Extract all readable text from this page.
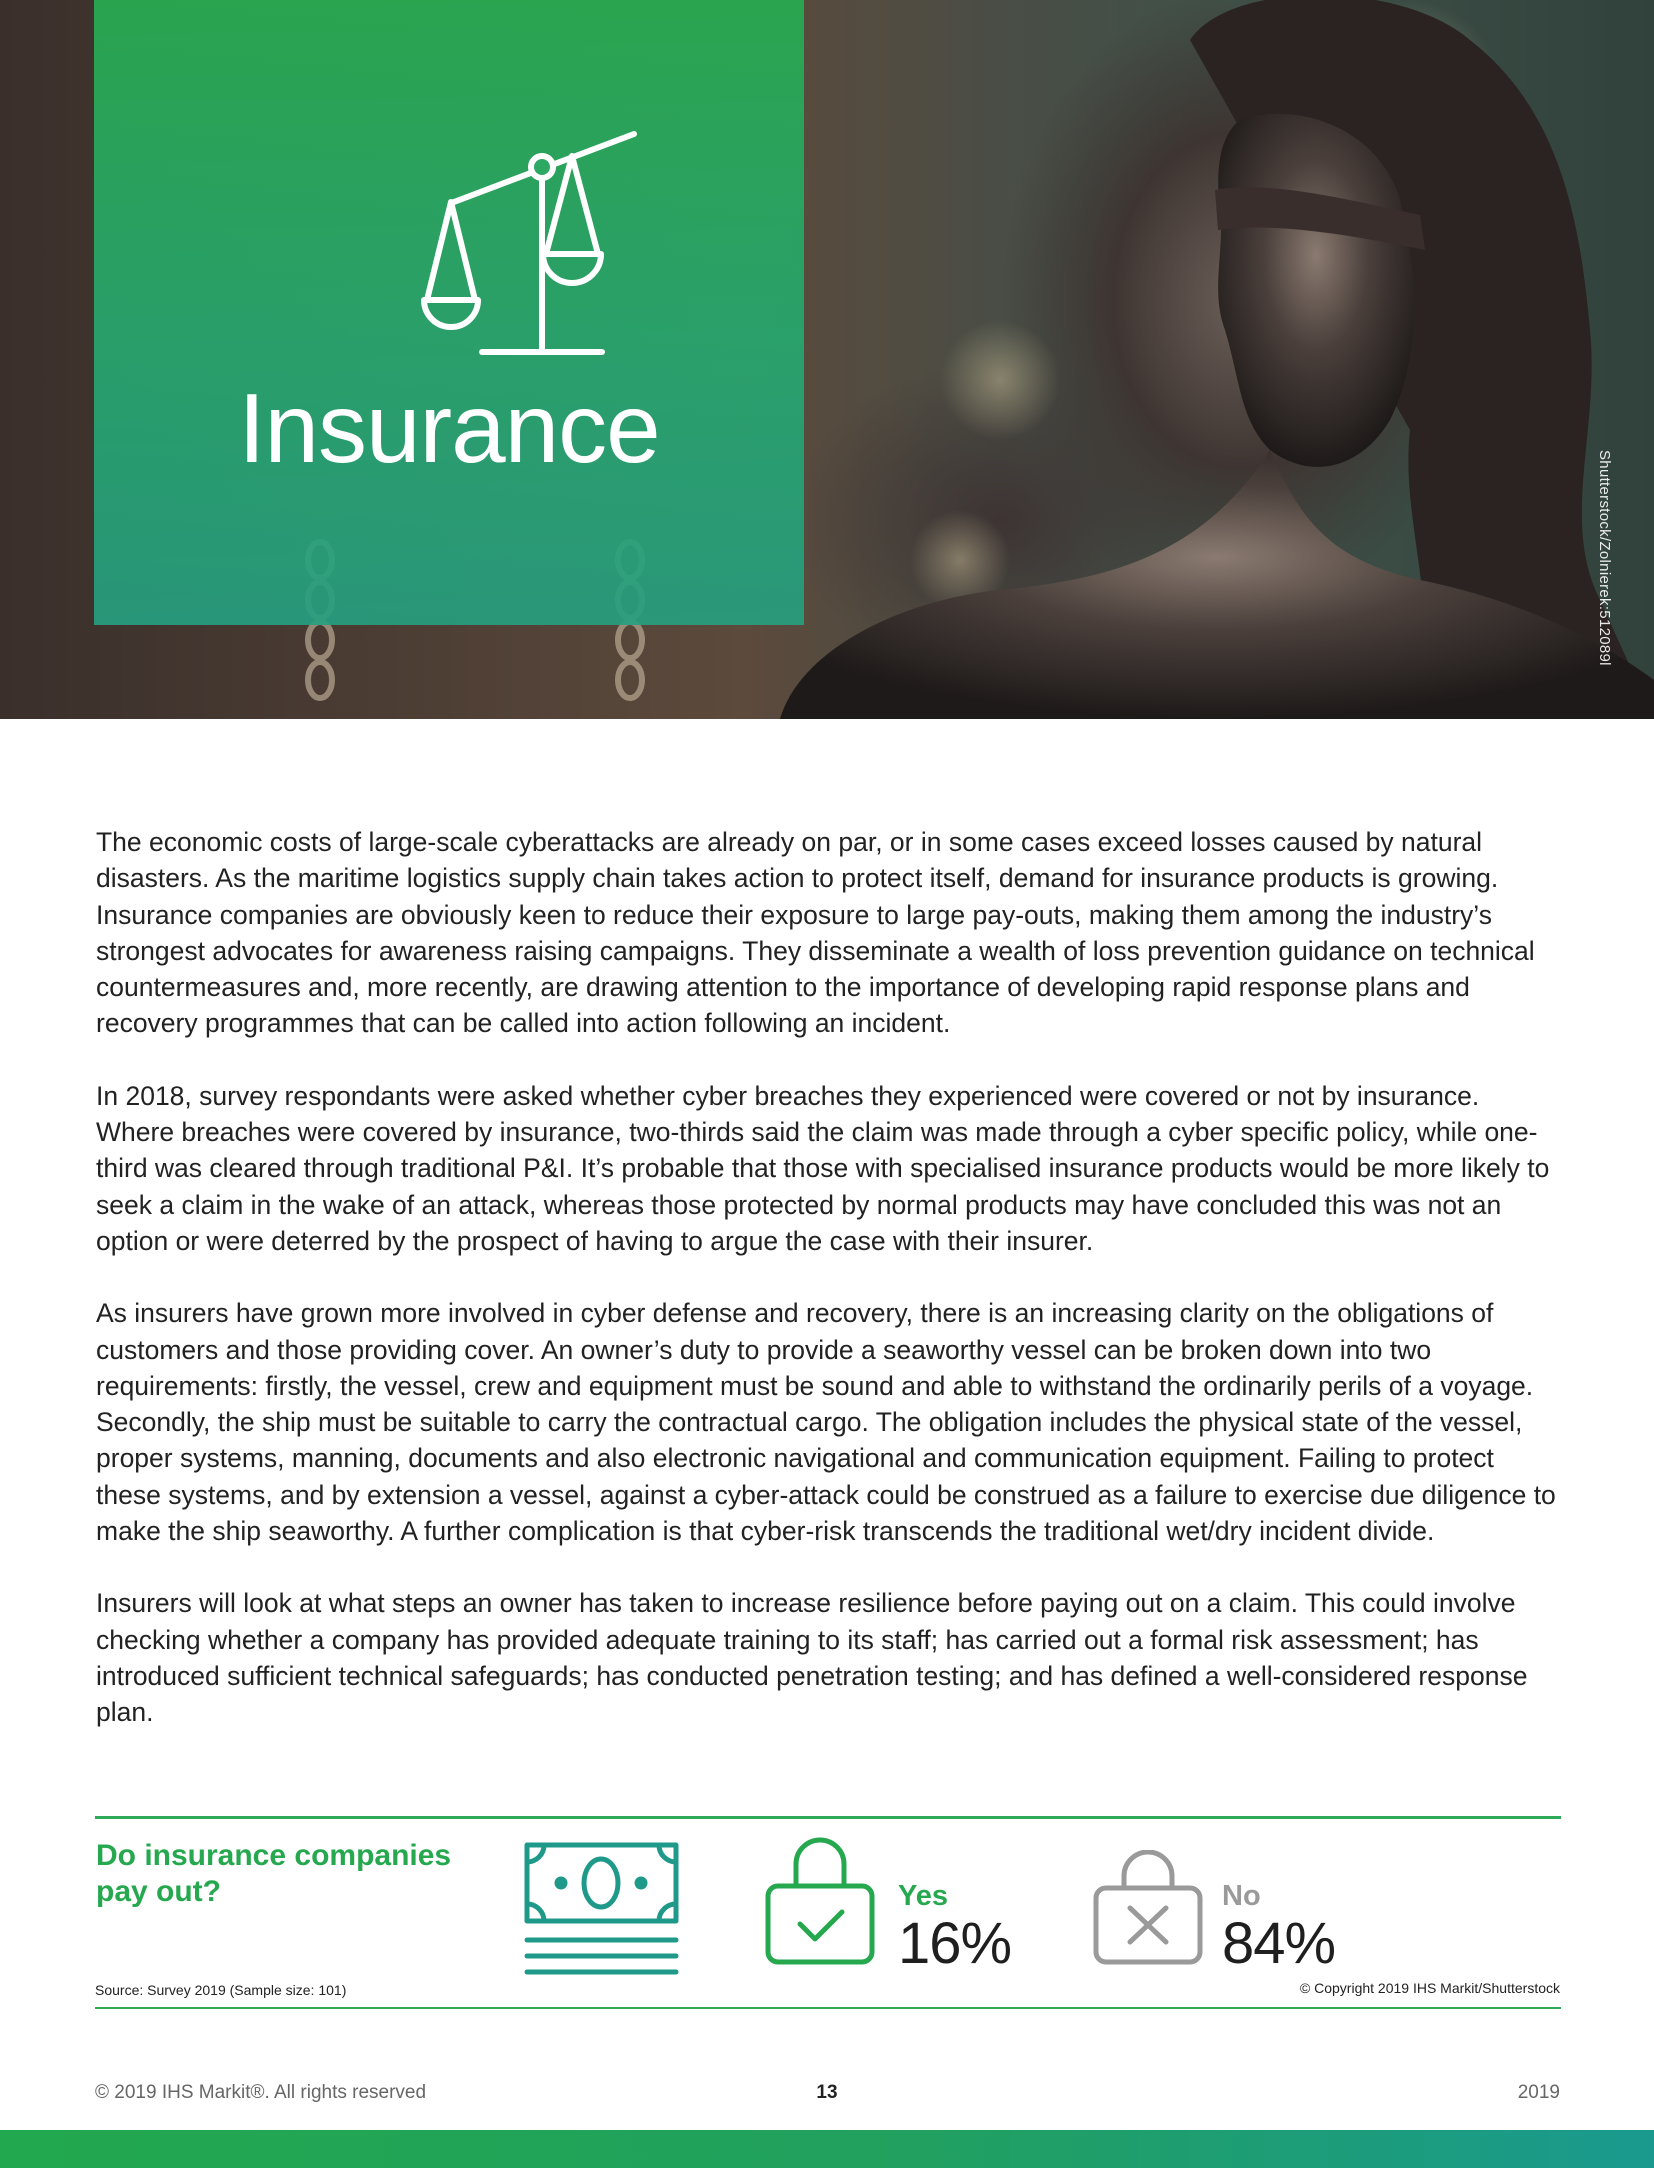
Shutterstock/Zolnierek:512089l
Insurance

The economic costs of large-scale cyberattacks are already on par, or in some cases exceed losses caused by natural disasters. As the maritime logistics supply chain takes action to protect itself, demand for insurance products is growing. Insurance companies are obviously keen to reduce their exposure to large pay-outs, making them among the industry’s strongest advocates for awareness raising campaigns. They disseminate a wealth of loss prevention guidance on technical countermeasures and, more recently, are drawing attention to the importance of developing rapid response plans and recovery programmes that can be called into action following an incident.

In 2018, survey respondants were asked whether cyber breaches they experienced were covered or not by insurance. Where breaches were covered by insurance, two-thirds said the claim was made through a cyber specific policy, while one-third was cleared through traditional P&I. It’s probable that those with specialised insurance products would be more likely to seek a claim in the wake of an attack, whereas those protected by normal products may have concluded this was not an option or were deterred by the prospect of having to argue the case with their insurer.

As insurers have grown more involved in cyber defense and recovery, there is an increasing clarity on the obligations of customers and those providing cover. An owner’s duty to provide a seaworthy vessel can be broken down into two requirements: firstly, the vessel, crew and equipment must be sound and able to withstand the ordinarily perils of a voyage. Secondly, the ship must be suitable to carry the contractual cargo. The obligation includes the physical state of the vessel, proper systems, manning, documents and also electronic navigational and communication equipment. Failing to protect these systems, and by extension a vessel, against a cyber-attack could be construed as a failure to exercise due diligence to make the ship seaworthy. A further complication is that cyber-risk transcends the traditional wet/dry incident divide.

Insurers will look at what steps an owner has taken to increase resilience before paying out on a claim. This could involve checking whether a company has provided adequate training to its staff; has carried out a formal risk assessment; has introduced sufficient technical safeguards; has conducted penetration testing; and has defined a well-considered response plan.

Do insurance companies pay out?	Yes
16%
No
84%
Source: Survey 2019 (Sample size: 101)	© Copyright 2019 IHS Markit/Shutterstock
© 2019 IHS Markit®. All rights reserved	13	2019
